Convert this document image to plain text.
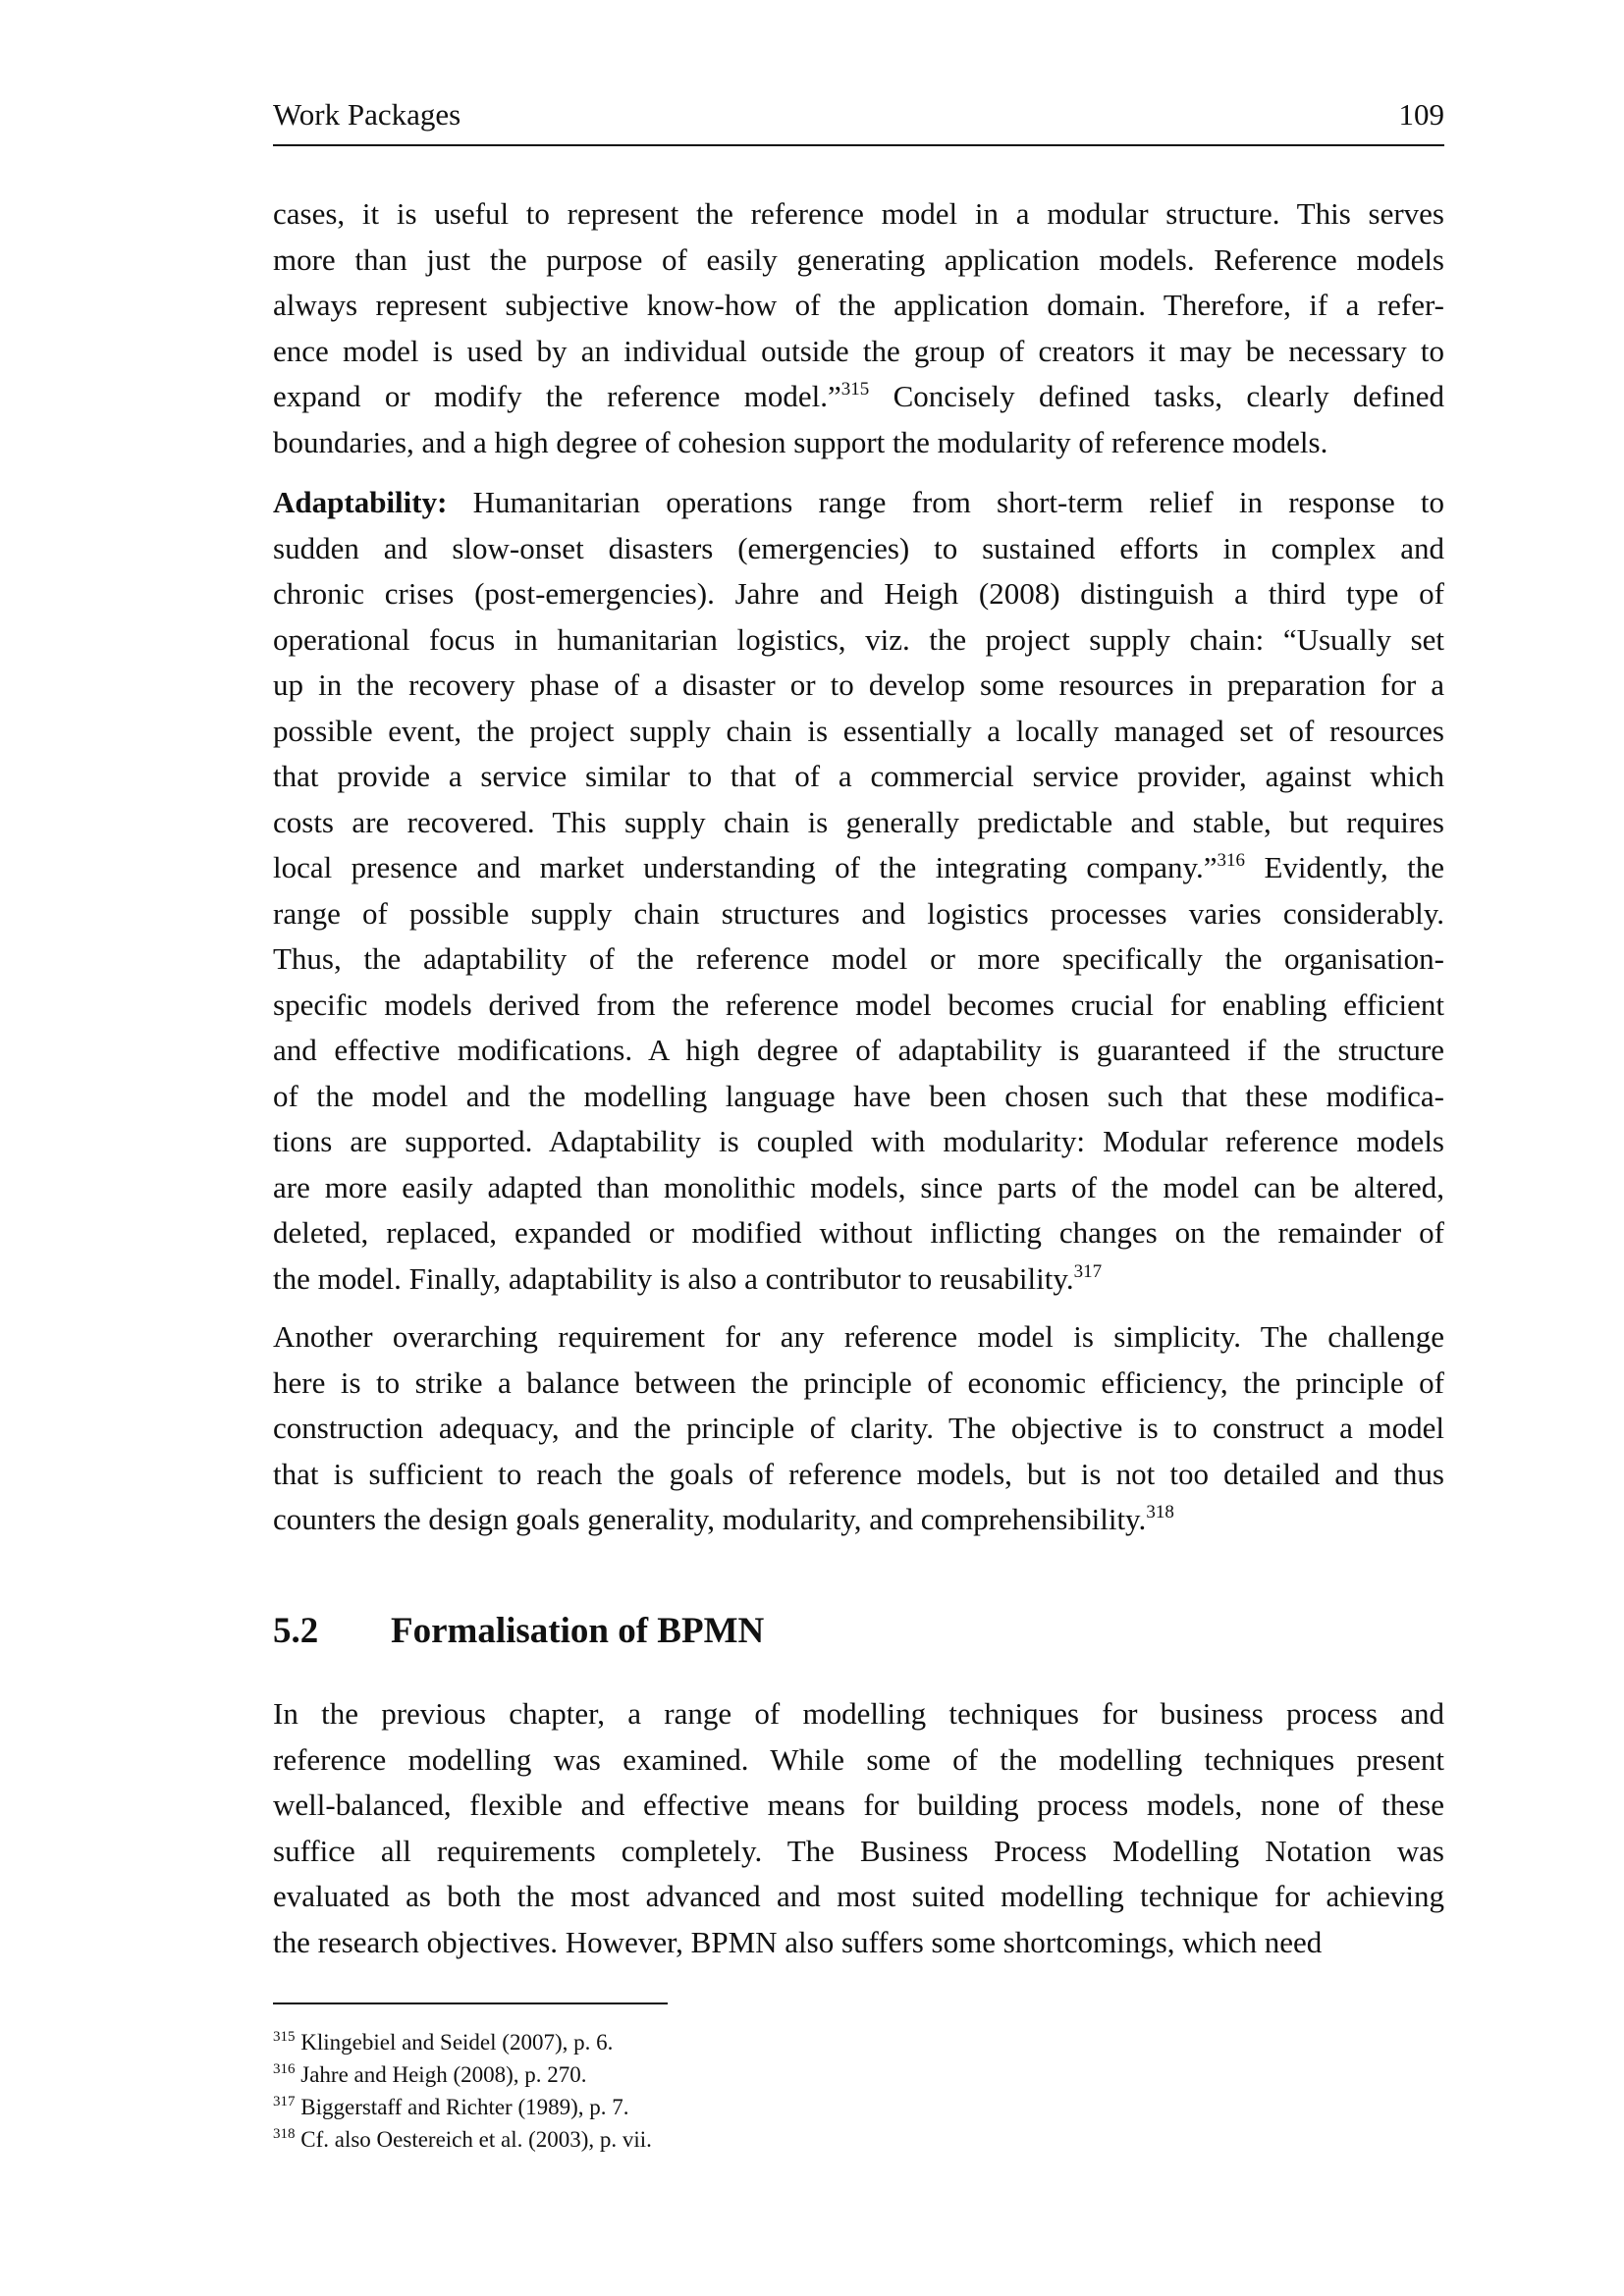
Work Packages	109
cases, it is useful to represent the reference model in a modular structure. This serves
more than just the purpose of easily generating application models. Reference models
always represent subjective know-how of the application domain. Therefore, if a refer-
ence model is used by an individual outside the group of creators it may be necessary to
expand or modify the reference model.”$^{315}$ Concisely defined tasks, clearly defined
boundaries, and a high degree of cohesion support the modularity of reference models.
Adaptability: Humanitarian operations range from short-term relief in response to
sudden and slow-onset disasters (emergencies) to sustained efforts in complex and
chronic crises (post-emergencies). Jahre and Heigh (2008) distinguish a third type of
operational focus in humanitarian logistics, viz. the project supply chain: “Usually set
up in the recovery phase of a disaster or to develop some resources in preparation for a
possible event, the project supply chain is essentially a locally managed set of resources
that provide a service similar to that of a commercial service provider, against which
costs are recovered. This supply chain is generally predictable and stable, but requires
local presence and market understanding of the integrating company.”$^{316}$ Evidently, the
range of possible supply chain structures and logistics processes varies considerably.
Thus, the adaptability of the reference model or more specifically the organisation-
specific models derived from the reference model becomes crucial for enabling efficient
and effective modifications. A high degree of adaptability is guaranteed if the structure
of the model and the modelling language have been chosen such that these modifica-
tions are supported. Adaptability is coupled with modularity: Modular reference models
are more easily adapted than monolithic models, since parts of the model can be altered,
deleted, replaced, expanded or modified without inflicting changes on the remainder of
the model. Finally, adaptability is also a contributor to reusability.$^{317}$
Another overarching requirement for any reference model is simplicity. The challenge
here is to strike a balance between the principle of economic efficiency, the principle of
construction adequacy, and the principle of clarity. The objective is to construct a model
that is sufficient to reach the goals of reference models, but is not too detailed and thus
counters the design goals generality, modularity, and comprehensibility.$^{318}$
5.2 Formalisation of BPMN
In the previous chapter, a range of modelling techniques for business process and
reference modelling was examined. While some of the modelling techniques present
well-balanced, flexible and effective means for building process models, none of these
suffice all requirements completely. The Business Process Modelling Notation was
evaluated as both the most advanced and most suited modelling technique for achieving
the research objectives. However, BPMN also suffers some shortcomings, which need
$^{315}$ Klingebiel and Seidel (2007), p. 6.
$^{316}$ Jahre and Heigh (2008), p. 270.
$^{317}$ Biggerstaff and Richter (1989), p. 7.
$^{318}$ Cf. also Oestereich et al. (2003), p. vii.
